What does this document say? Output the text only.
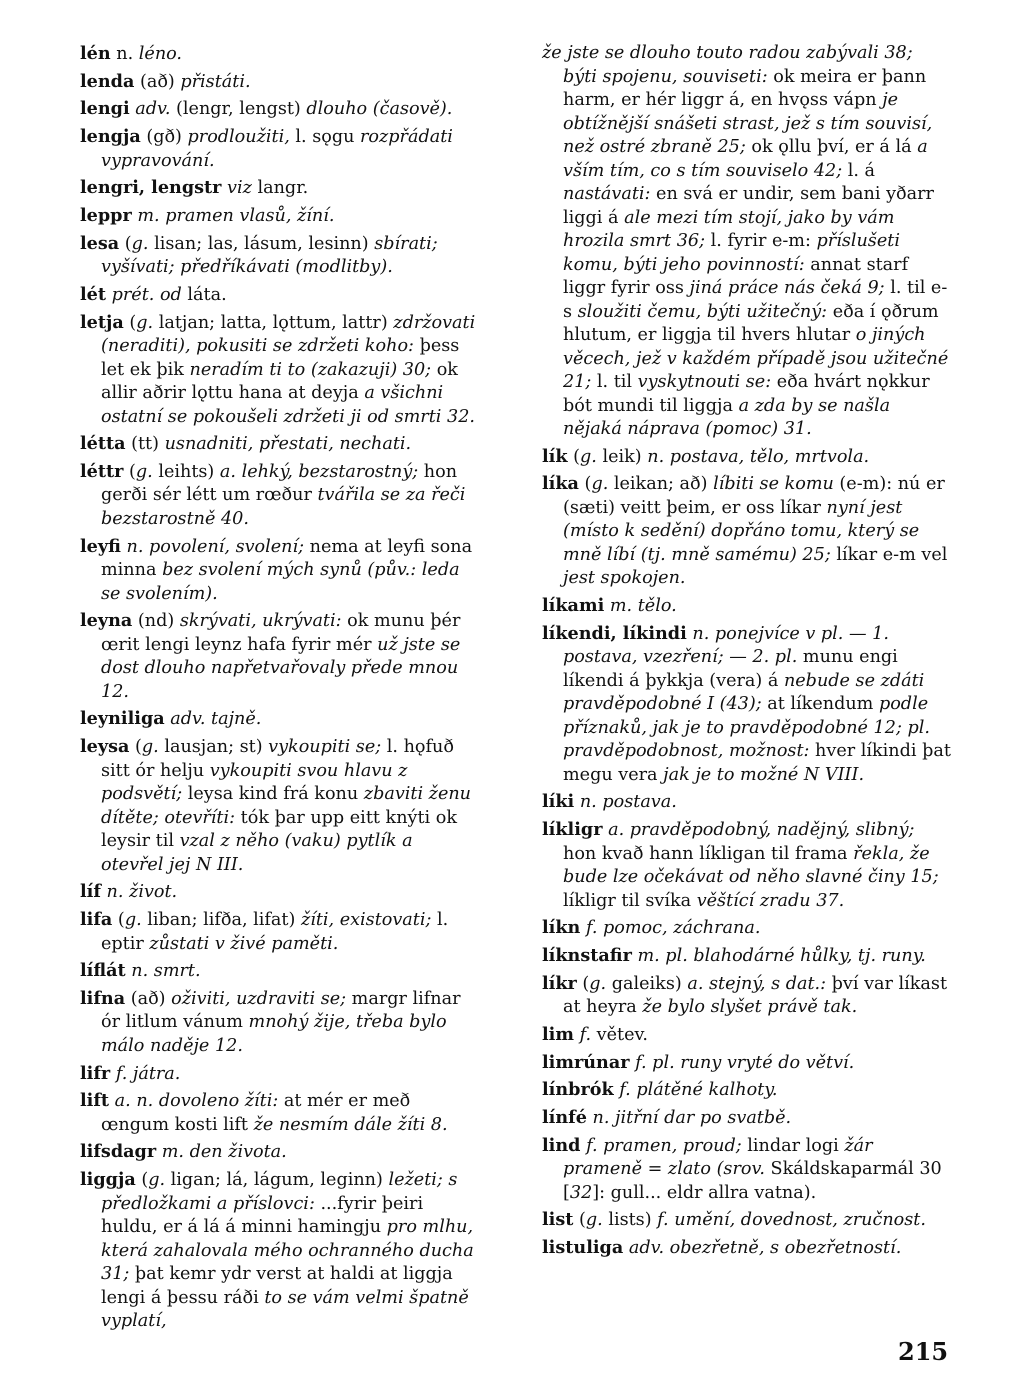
lén n. léno.
lenda (að) přistáti.
lengi adv. (lengr, lengst) dlouho (časově).
lengja (gð) prodloužiti, l. sǫgu rozpřádati vypravování.
lengri, lengstr viz langr.
leppr m. pramen vlasů, žíní.
lesa (g. lisan; las, lásum, lesinn) sbírati; vyšívati; předříkávati (modlitby).
lét prét. od láta.
letja (g. latjan; latta, lǫttum, lattr) zdržovati (neraditi), pokusiti se zdržeti koho: þess let ek þik neradím ti to (zakazuji) 30; ok allir aðrir lǫttu hana at deyja a všichni ostatní se pokoušeli zdržeti ji od smrti 32.
létta (tt) usnadniti, přestati, nechati.
léttr (g. leihts) a. lehký, bezstarostný; hon gerði sér létt um rœður tvářila se za řeči bezstarostně 40.
leyfi n. povolení, svolení; nema at leyfi sona minna bez svolení mých synů (pův.: leda se svolením).
leyna (nd) skrývati, ukrývati: ok munu þér œrit lengi leynz hafa fyrir mér už jste se dost dlouho napřetvařovaly přede mnou 12.
leyniliga adv. tajně.
leysa (g. lausjan; st) vykoupiti se; l. hǫfuð sitt ór helju vykoupiti svou hlavu z podsvětí; leysa kind frá konu zbaviti ženu dítěte; otevříti: tók þar upp eitt knýti ok leysir til vzal z něho (vaku) pytlík a otevřel jej N III.
líf n. život.
lifa (g. liban; lifða, lifat) žíti, existovati; l. eptir zůstati v živé paměti.
líflát n. smrt.
lifna (að) oživiti, uzdraviti se; margr lifnar ór litlum vánum mnohý žije, třeba bylo málo naděje 12.
lifr f. játra.
lift a. n. dovoleno žíti: at mér er með œngum kosti lift že nesmím dále žíti 8.
lifsdagr m. den života.
liggja (g. ligan; lá, lágum, leginn) ležeti; s předložkami a příslovci: ...fyrir þeiri huldu, er á lá á minni hamingju pro mlhu, která zahalovala mého ochranného ducha 31; þat kemr ydr verst at haldi at liggja lengi á þessu ráði to se vám velmi špatně vyplatí,
že jste se dlouho touto radou zabývali 38; býti spojenu, souviseti: ok meira er þann harm, er hér liggr á, en hvǫss vápn je obtížnější snášeti strast, jež s tím souvisí, než ostré zbraně 25; ok ǫllu því, er á lá a vším tím, co s tím souviselo 42; l. á nastávati: en svá er undir, sem bani yðarr liggi á ale mezi tím stojí, jako by vám hrozila smrt 36; l. fyrir e-m: příslušeti komu, býti jeho povinností: annat starf liggr fyrir oss jiná práce nás čeká 9; l. til e-s sloužiti čemu, býti užitečný: eða í ǫðrum hlutum, er liggja til hvers hlutar o jiných věcech, jež v každém případě jsou užitečné 21; l. til vyskytnouti se: eða hvárt nǫkkur bót mundi til liggja a zda by se našla nějaká náprava (pomoc) 31.
lík (g. leik) n. postava, tělo, mrtvola.
líka (g. leikan; að) líbiti se komu (e-m): nú er (sæti) veitt þeim, er oss líkar nyní jest (místo k sedění) dopřáno tomu, který se mně líbí (tj. mně samému) 25; líkar e-m vel jest spokojen.
líkami m. tělo.
líkendi, líkindi n. ponejvíce v pl. — 1. postava, vzezření; — 2. pl. munu engi líkendi á þykkja (vera) á nebude se zdáti pravděpodobné I (43); at líkendum podle příznaků, jak je to pravděpodobné 12; pl. pravděpodobnost, možnost: hver líkindi þat megu vera jak je to možné N VIII.
líki n. postava.
líkligr a. pravděpodobný, nadějný, slibný; hon kvað hann líkligan til frama řekla, že bude lze očekávat od něho slavné činy 15; líkligr til svíka věštící zradu 37.
líkn f. pomoc, záchrana.
líknstafir m. pl. blahodárné hůlky, tj. runy.
líkr (g. galeiks) a. stejný, s dat.: því var líkast at heyra že bylo slyšet právě tak.
lim f. větev.
limrúnar f. pl. runy vryté do větví.
línbrók f. plátěné kalhoty.
línfé n. jitřní dar po svatbě.
lind f. pramen, proud; lindar logi žár prameně = zlato (srov. Skáldskaparmál 30 [32]: gull... eldr allra vatna).
list (g. lists) f. umění, dovednost, zručnost.
listuliga adv. obezřetně, s obezřetností.
215
